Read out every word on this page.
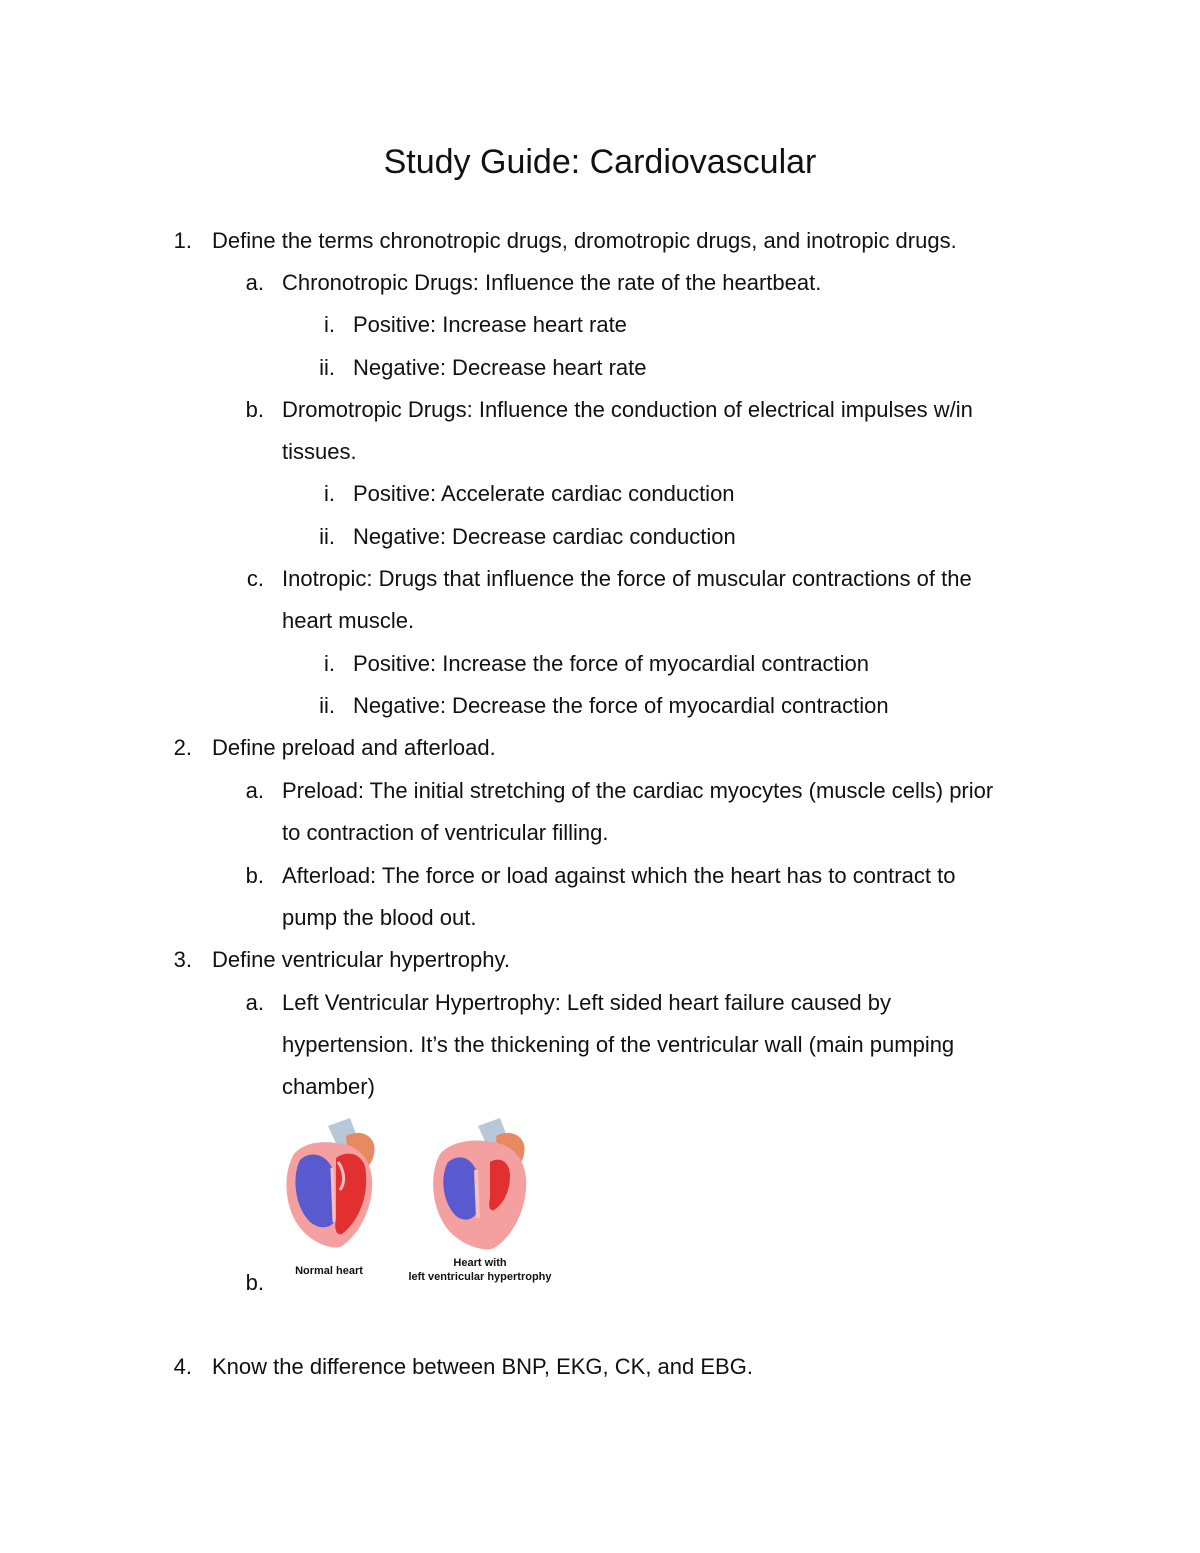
Study Guide: Cardiovascular
1. Define the terms chronotropic drugs, dromotropic drugs, and inotropic drugs.
a. Chronotropic Drugs: Influence the rate of the heartbeat.
i. Positive: Increase heart rate
ii. Negative: Decrease heart rate
b. Dromotropic Drugs: Influence the conduction of electrical impulses w/in
tissues.
i. Positive: Accelerate cardiac conduction
ii. Negative: Decrease cardiac conduction
c. Inotropic: Drugs that influence the force of muscular contractions of the
heart muscle.
i. Positive: Increase the force of myocardial contraction
ii. Negative: Decrease the force of myocardial contraction
2. Define preload and afterload.
a. Preload: The initial stretching of the cardiac myocytes (muscle cells) prior
to contraction of ventricular filling.
b. Afterload: The force or load against which the heart has to contract to
pump the blood out.
3. Define ventricular hypertrophy.
a. Left Ventricular Hypertrophy: Left sided heart failure caused by
hypertension. It’s the thickening of the ventricular wall (main pumping
chamber)
Normal heart
Heart with
left ventricular hypertrophy
b.
4. Know the difference between BNP, EKG, CK, and EBG.
